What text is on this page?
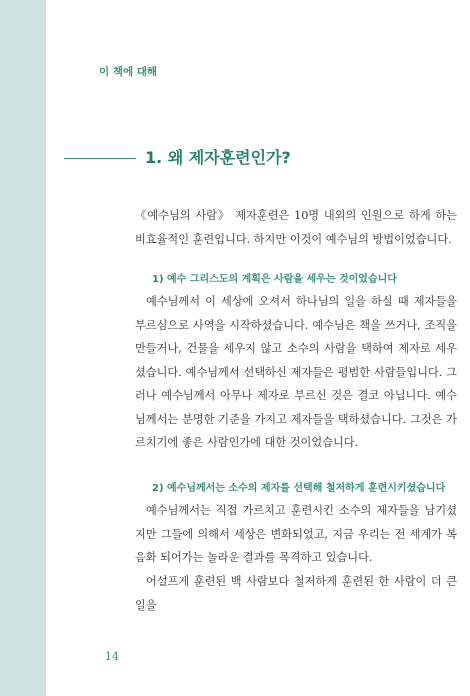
이 책에 대해

1. 왜 제자훈련인가?

《예수님의 사람》 제자훈련은 10명 내외의 인원으로 하게 하는 비효율적인 훈련입니다. 하지만 이것이 예수님의 방법이었습니다.

1) 예수 그리스도의 계획은 사람을 세우는 것이었습니다

예수님께서 이 세상에 오셔서 하나님의 일을 하실 때 제자들을 부르심으로 사역을 시작하셨습니다. 예수님은 책을 쓰거나, 조직을 만들거나, 건물을 세우지 않고 소수의 사람을 택하여 제자로 세우셨습니다. 예수님께서 선택하신 제자들은 평범한 사람들입니다. 그러나 예수님께서 아무나 제자로 부르신 것은 결코 아닙니다. 예수님께서는 분명한 기준을 가지고 제자들을 택하셨습니다. 그것은 가르치기에 좋은 사람인가에 대한 것이었습니다.

2) 예수님께서는 소수의 제자를 선택해 철저하게 훈련시키셨습니다

예수님께서는 직접 가르치고 훈련시킨 소수의 제자들을 남기셨지만 그들에 의해서 세상은 변화되었고, 지금 우리는 전 세계가 복음화 되어가는 놀라운 결과를 목격하고 있습니다.

어설프게 훈련된 백 사람보다 철저하게 훈련된 한 사람이 더 큰일을

14
